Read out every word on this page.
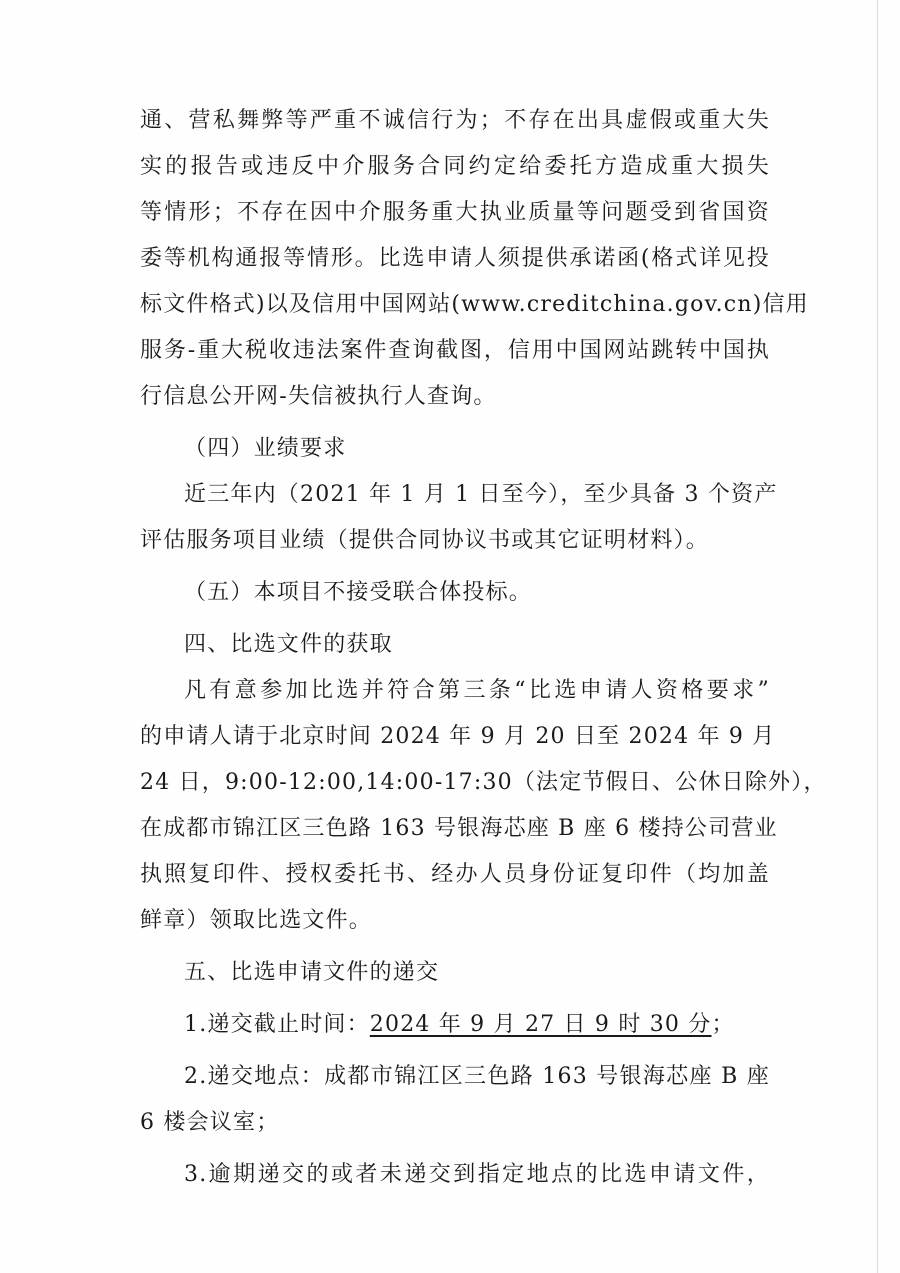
通、营私舞弊等严重不诚信行为；不存在出具虚假或重大失
实的报告或违反中介服务合同约定给委托方造成重大损失
等情形；不存在因中介服务重大执业质量等问题受到省国资
委等机构通报等情形。比选申请人须提供承诺函(格式详见投
标文件格式)以及信用中国网站(www.creditchina.gov.cn)信用
服务-重大税收违法案件查询截图，信用中国网站跳转中国执
行信息公开网-失信被执行人查询。
（四）业绩要求
近三年内（2021 年 1 月 1 日至今），至少具备 3 个资产
评估服务项目业绩（提供合同协议书或其它证明材料）。
（五）本项目不接受联合体投标。
四、比选文件的获取
凡有意参加比选并符合第三条“比选申请人资格要求”
的申请人请于北京时间 2024 年 9 月 20 日至 2024 年 9 月
24 日，9:00-12:00,14:00-17:30（法定节假日、公休日除外），
在成都市锦江区三色路 163 号银海芯座 B 座 6 楼持公司营业
执照复印件、授权委托书、经办人员身份证复印件（均加盖
鲜章）领取比选文件。
五、比选申请文件的递交
1.递交截止时间：2024 年 9 月 27 日 9 时 30 分；
2.递交地点：成都市锦江区三色路 163 号银海芯座 B 座
6 楼会议室；
3.逾期递交的或者未递交到指定地点的比选申请文件，
